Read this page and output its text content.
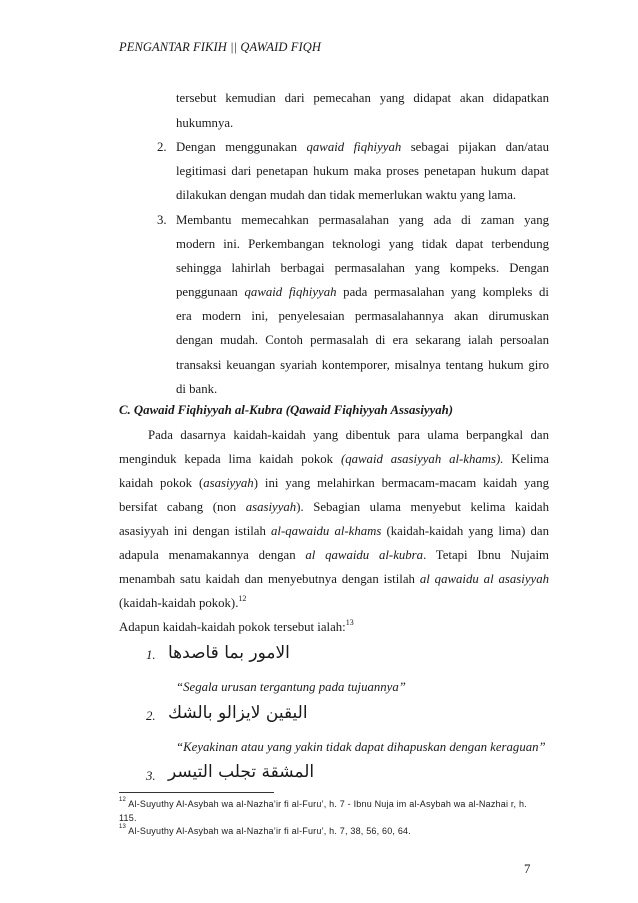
PENGANTAR FIKIH || QAWAID FIQH
tersebut kemudian dari pemecahan yang didapat akan didapatkan
hukumnya.
2. Dengan menggunakan qawaid fiqhiyyah sebagai pijakan dan/atau
legitimasi dari penetapan hukum maka proses penetapan hukum dapat
dilakukan dengan mudah dan tidak memerlukan waktu yang lama.
3. Membantu memecahkan permasalahan yang ada di zaman yang
modern ini. Perkembangan teknologi yang tidak dapat terbendung
sehingga lahirlah berbagai permasalahan yang kompeks. Dengan
penggunaan qawaid fiqhiyyah pada permasalahan yang kompleks di
era modern ini, penyelesaian permasalahannya akan dirumuskan
dengan mudah. Contoh permasalah di era sekarang ialah persoalan
transaksi keuangan syariah kontemporer, misalnya tentang hukum giro
di bank.
C. Qawaid Fiqhiyyah al-Kubra (Qawaid Fiqhiyyah Assasiyyah)
Pada dasarnya kaidah-kaidah yang dibentuk para ulama berpangkal dan
menginduk kepada lima kaidah pokok (qawaid asasiyyah al-khams). Kelima
kaidah pokok (asasiyyah) ini yang melahirkan bermacam-macam kaidah yang
bersifat cabang (non asasiyyah). Sebagian ulama menyebut kelima kaidah
asasiyyah ini dengan istilah al-qawaidu al-khams (kaidah-kaidah yang lima) dan
adapula menamakannya dengan al qawaidu al-kubra. Tetapi Ibnu Nujaim
menambah satu kaidah dan menyebutnya dengan istilah al qawaidu al asasiyyah
(kaidah-kaidah pokok).$^{12}$
Adapun kaidah-kaidah pokok tersebut ialah:$^{13}$
1. الامور بما قاصدها
“Segala urusan tergantung pada tujuannya”
2. اليقين لايزالو بالشك
“Keyakinan atau yang yakin tidak dapat dihapuskan dengan keraguan”
3. المشقة تجلب التيسر
$^{12}$ Al-Suyuthy Al-Asybah wa al-Nazha’ir fi al-Furu’, h. 7 - Ibnu Nuja im al-Asybah wa al-Nazhai r, h.
115.
$^{13}$ Al-Suyuthy Al-Asybah wa al-Nazha’ir fi al-Furu’, h. 7, 38, 56, 60, 64.
7
